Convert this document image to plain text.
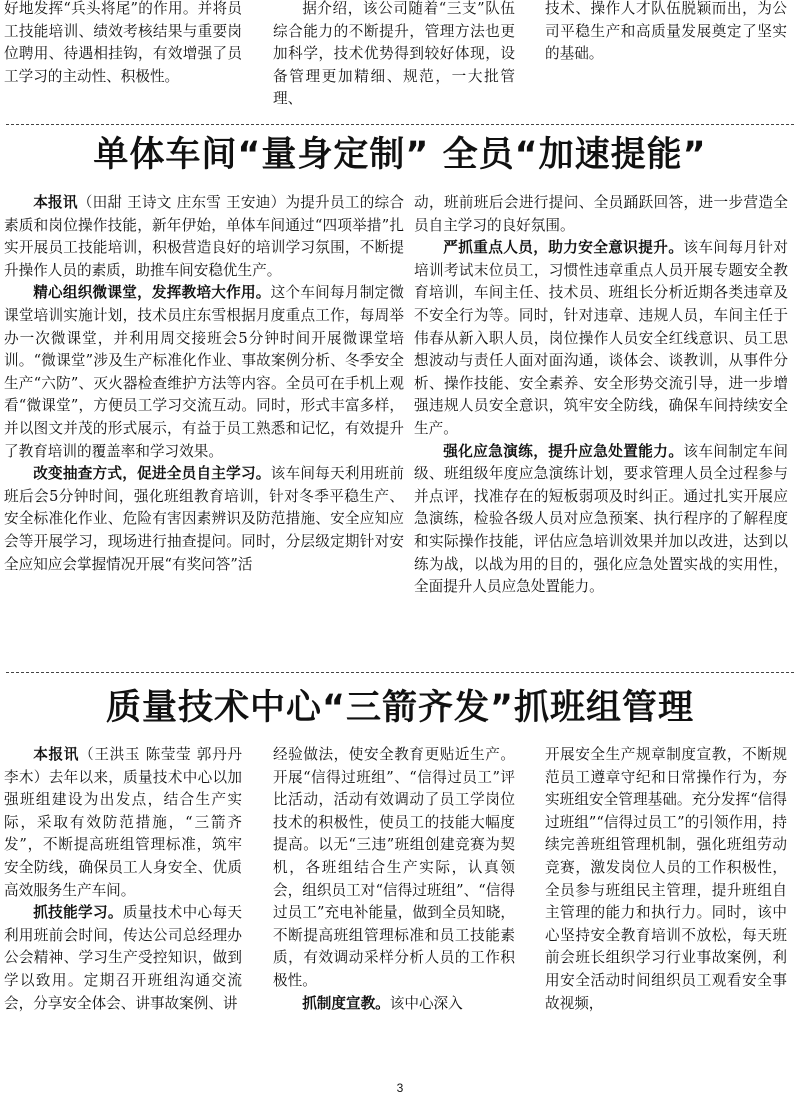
好地发挥“兵头将尾”的作用。并将员工技能培训、绩效考核结果与重要岗位聘用、待遇相挂钩，有效增强了员工学习的主动性、积极性。

据介绍，该公司随着“三支”队伍综合能力的不断提升，管理方法也更加科学，技术优势得到较好体现，设备管理更加精细、规范，一大批管理、

技术、操作人才队伍脱颖而出，为公司平稳生产和高质量发展奠定了坚实的基础。

单体车间“量身定制” 全员“加速提能”

本报讯（田甜 王诗文 庄东雪 王安迪）为提升员工的综合素质和岗位操作技能，新年伊始，单体车间通过“四项举措”扎实开展员工技能培训，积极营造良好的培训学习氛围，不断提升操作人员的素质，助推车间安稳优生产。

精心组织微课堂，发挥教培大作用。这个车间每月制定微课堂培训实施计划，技术员庄东雪根据月度重点工作，每周举办一次微课堂，并利用周交接班会5分钟时间开展微课堂培训。“微课堂”涉及生产标准化作业、事故案例分析、冬季安全生产“六防”、灭火器检查维护方法等内容。全员可在手机上观看“微课堂”，方便员工学习交流互动。同时，形式丰富多样，并以图文并茂的形式展示，有益于员工熟悉和记忆，有效提升了教育培训的覆盖率和学习效果。

改变抽查方式，促进全员自主学习。该车间每天利用班前班后会5分钟时间，强化班组教育培训，针对冬季平稳生产、安全标准化作业、危险有害因素辨识及防范措施、安全应知应会等开展学习，现场进行抽查提问。同时，分层级定期针对安全应知应会掌握情况开展“有奖问答”活

动，班前班后会进行提问、全员踊跃回答，进一步营造全员自主学习的良好氛围。

严抓重点人员，助力安全意识提升。该车间每月针对培训考试末位员工，习惯性违章重点人员开展专题安全教育培训，车间主任、技术员、班组长分析近期各类违章及不安全行为等。同时，针对违章、违规人员，车间主任于伟春从新入职人员，岗位操作人员安全红线意识、员工思想波动与责任人面对面沟通，谈体会、谈教训，从事件分析、操作技能、安全素养、安全形势交流引导，进一步增强违规人员安全意识，筑牢安全防线，确保车间持续安全生产。

强化应急演练，提升应急处置能力。该车间制定车间级、班组级年度应急演练计划，要求管理人员全过程参与并点评，找准存在的短板弱项及时纠正。通过扎实开展应急演练，检验各级人员对应急预案、执行程序的了解程度和实际操作技能，评估应急培训效果并加以改进，达到以练为战，以战为用的目的，强化应急处置实战的实用性，全面提升人员应急处置能力。

质量技术中心“三箭齐发”抓班组管理

本报讯（王洪玉 陈莹莹 郭丹丹 李木）去年以来，质量技术中心以加强班组建设为出发点，结合生产实际，采取有效防范措施，“三箭齐发”，不断提高班组管理标准，筑牢安全防线，确保员工人身安全、优质高效服务生产车间。

抓技能学习。质量技术中心每天利用班前会时间，传达公司总经理办公会精神、学习生产受控知识，做到学以致用。定期召开班组沟通交流会，分享安全体会、讲事故案例、讲

经验做法，使安全教育更贴近生产。开展“信得过班组”、“信得过员工”评比活动，活动有效调动了员工学岗位技术的积极性，使员工的技能大幅度提高。以无“三违”班组创建竞赛为契机，各班组结合生产实际，认真领会，组织员工对“信得过班组”、“信得过员工”充电补能量，做到全员知晓，不断提高班组管理标准和员工技能素质，有效调动采样分析人员的工作积极性。

抓制度宣教。该中心深入

开展安全生产规章制度宣教，不断规范员工遵章守纪和日常操作行为，夯实班组安全管理基础。充分发挥“信得过班组”“信得过员工”的引领作用，持续完善班组管理机制，强化班组劳动竞赛，激发岗位人员的工作积极性，全员参与班组民主管理，提升班组自主管理的能力和执行力。同时，该中心坚持安全教育培训不放松，每天班前会班长组织学习行业事故案例，利用安全活动时间组织员工观看安全事故视频，

3
